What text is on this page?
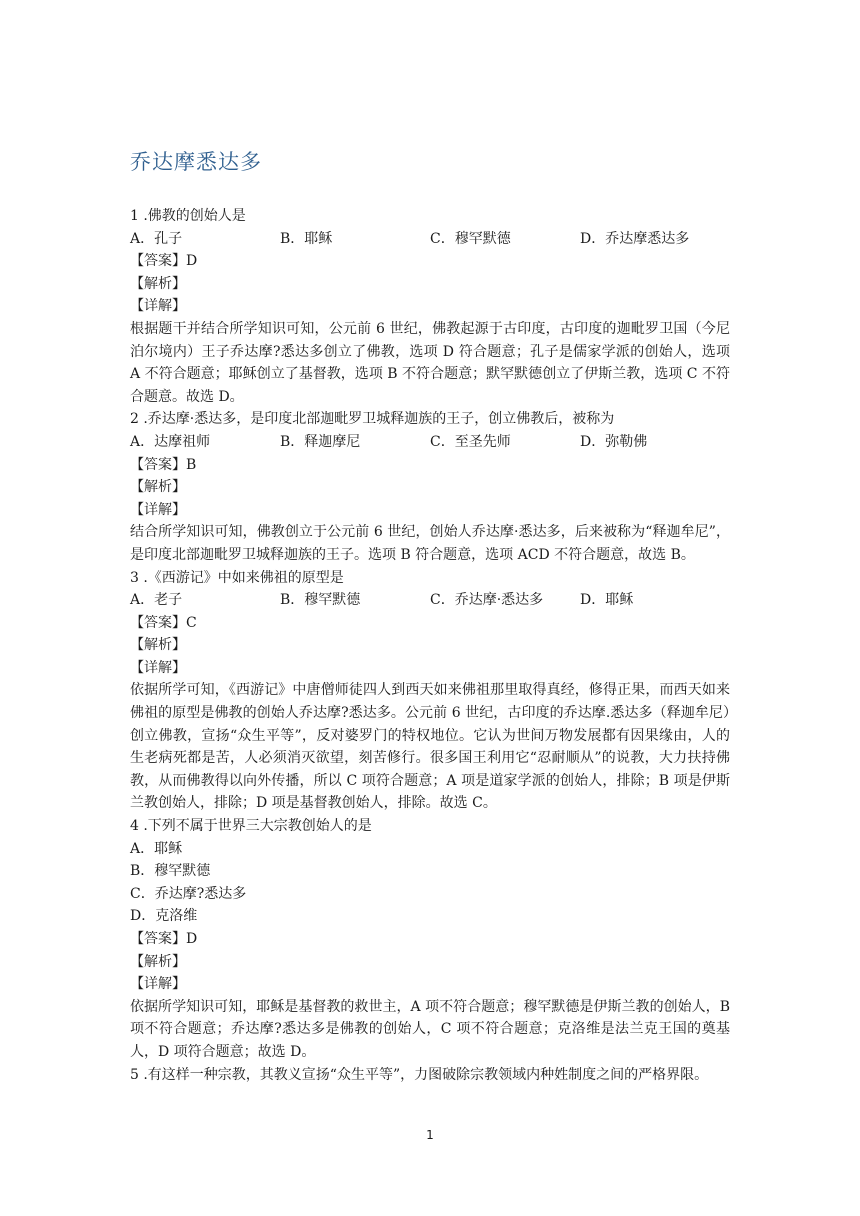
乔达摩悉达多
1 .佛教的创始人是
A．孔子	B．耶稣	C．穆罕默德	D．乔达摩悉达多
【答案】D
【解析】
【详解】
根据题干并结合所学知识可知，公元前 6 世纪，佛教起源于古印度，古印度的迦毗罗卫国（今尼泊尔境内）王子乔达摩?悉达多创立了佛教，选项 D 符合题意；孔子是儒家学派的创始人，选项 A 不符合题意；耶稣创立了基督教，选项 B 不符合题意；默罕默德创立了伊斯兰教，选项 C 不符合题意。故选 D。
2 .乔达摩·悉达多，是印度北部迦毗罗卫城释迦族的王子，创立佛教后，被称为
A．达摩祖师	B．释迦摩尼	C．至圣先师	D．弥勒佛
【答案】B
【解析】
【详解】
结合所学知识可知，佛教创立于公元前 6 世纪，创始人乔达摩·悉达多，后来被称为“释迦牟尼”，是印度北部迦毗罗卫城释迦族的王子。选项 B 符合题意，选项 ACD 不符合题意，故选 B。
3 .《西游记》中如来佛祖的原型是
A．老子	B．穆罕默德	C．乔达摩·悉达多	D．耶稣
【答案】C
【解析】
【详解】
依据所学可知，《西游记》中唐僧师徒四人到西天如来佛祖那里取得真经，修得正果，而西天如来佛祖的原型是佛教的创始人乔达摩?悉达多。公元前 6 世纪，古印度的乔达摩.悉达多（释迦牟尼）创立佛教，宣扬“众生平等”，反对婆罗门的特权地位。它认为世间万物发展都有因果缘由，人的生老病死都是苦，人必须消灭欲望，刻苦修行。很多国王利用它“忍耐顺从”的说教，大力扶持佛教，从而佛教得以向外传播，所以 C 项符合题意；A 项是道家学派的创始人，排除；B 项是伊斯兰教创始人，排除；D 项是基督教创始人，排除。故选 C。
4 .下列不属于世界三大宗教创始人的是
A．耶稣
B．穆罕默德
C．乔达摩?悉达多
D．克洛维
【答案】D
【解析】
【详解】
依据所学知识可知，耶稣是基督教的救世主，A 项不符合题意；穆罕默德是伊斯兰教的创始人，B 项不符合题意；乔达摩?悉达多是佛教的创始人，C 项不符合题意；克洛维是法兰克王国的奠基人，D 项符合题意；故选 D。
5 .有这样一种宗教，其教义宣扬“众生平等”，力图破除宗教领域内种姓制度之间的严格界限。
1
